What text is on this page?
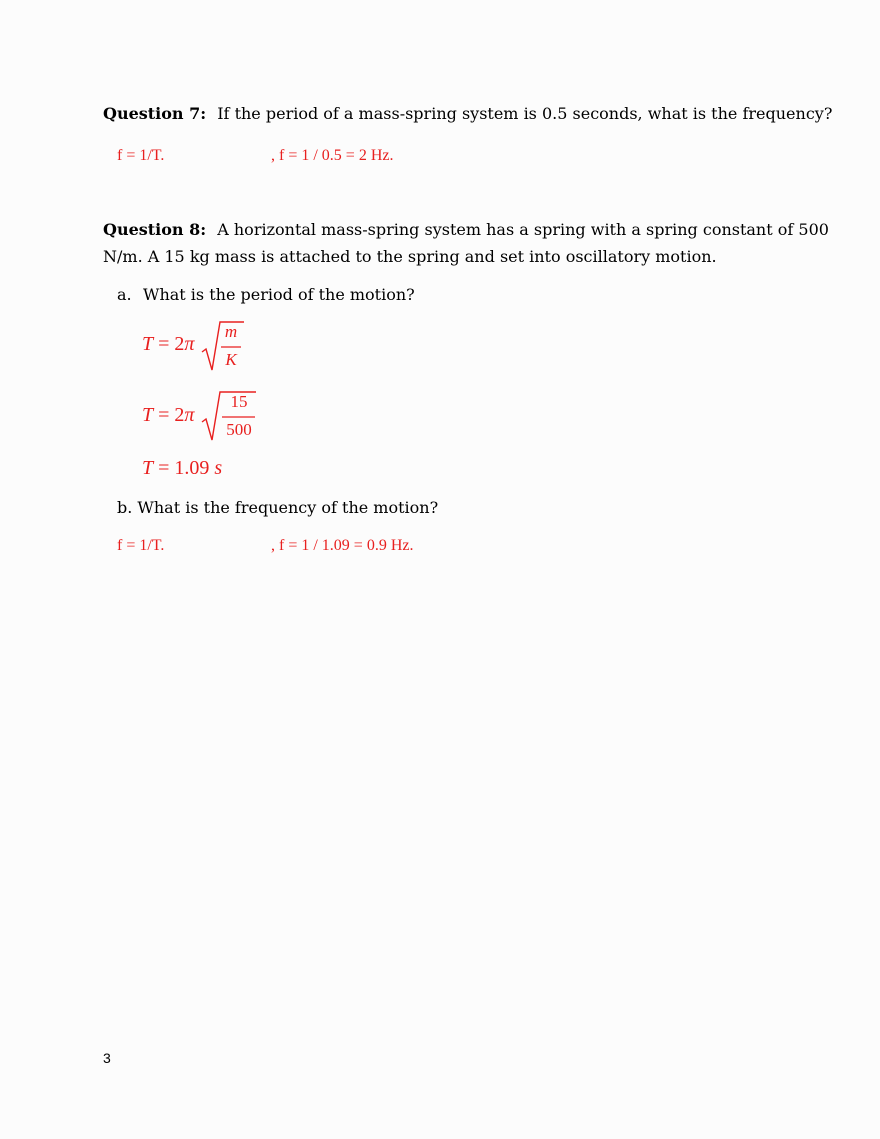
Question 7: If the period of a mass-spring system is 0.5 seconds, what is the frequency?
f = 1/T.	, f = 1 / 0.5 = 2 Hz.
Question 8: A horizontal mass-spring system has a spring with a spring constant of 500
N/m. A 15 kg mass is attached to the spring and set into oscillatory motion.
a. What is the period of the motion?
T = 2π
m
K
T = 2π
15
500
T = 1.09 s
b. What is the frequency of the motion?
f = 1/T.	, f = 1 / 1.09 = 0.9 Hz.
3
